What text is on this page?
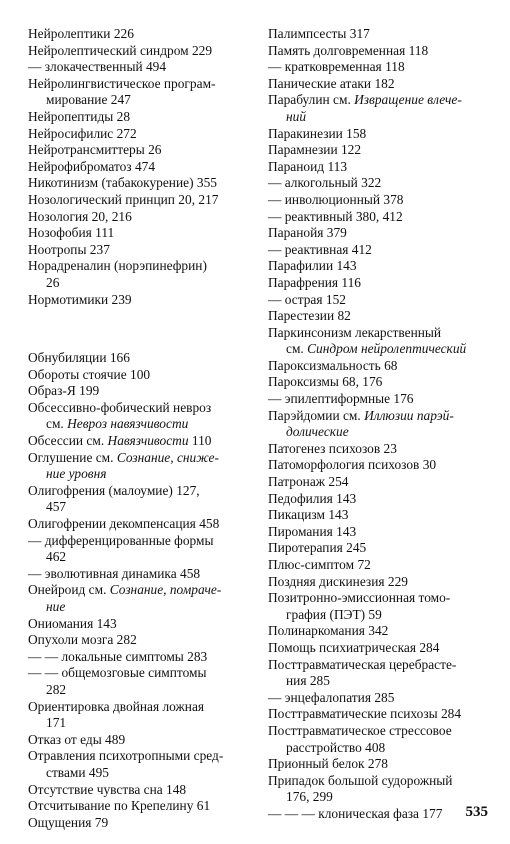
Нейролептики 226
Нейролептический синдром 229
— злокачественный 494
Нейролингвистическое програм-
мирование 247
Нейропептиды 28
Нейросифилис 272
Нейротрансмиттеры 26
Нейрофиброматоз 474
Никотинизм (табакокурение) 355
Нозологический принцип 20, 217
Нозология 20, 216
Нозофобия 111
Ноотропы 237
Норадреналин (норэпинефрин)
26
Нормотимики 239
Обнубиляции 166
Обороты стоячие 100
Образ-Я 199
Обсессивно-фобический невроз
см. Невроз навязчивости
Обсессии см. Навязчивости 110
Оглушение см. Сознание, сниже-
ние уровня
Олигофрения (малоумие) 127,
457
Олигофрении декомпенсация 458
— дифференцированные формы
462
— эволютивная динамика 458
Онейроид см. Сознание, помраче-
ние
Ониомания 143
Опухоли мозга 282
— — локальные симптомы 283
— — общемозговые симптомы
282
Ориентировка двойная ложная
171
Отказ от еды 489
Отравления психотропными сред-
ствами 495
Отсутствие чувства сна 148
Отсчитывание по Крепелину 61
Ощущения 79
Палимпсесты 317
Память долговременная 118
— кратковременная 118
Панические атаки 182
Парабулин см. Извращение влече-
ний
Паракинезии 158
Парамнезии 122
Параноид 113
— алкогольный 322
— инволюционный 378
— реактивный 380, 412
Паранойя 379
— реактивная 412
Парафилии 143
Парафрения 116
— острая 152
Парестезии 82
Паркинсонизм лекарственный
см. Синдром нейролептический
Пароксизмальность 68
Пароксизмы 68, 176
— эпилептиформные 176
Парэйдомии см. Иллюзии парэй-
долические
Патогенез психозов 23
Патоморфология психозов 30
Патронаж 254
Педофилия 143
Пикацизм 143
Пиромания 143
Пиротерапия 245
Плюс-симптом 72
Поздняя дискинезия 229
Позитронно-эмиссионная томо-
графия (ПЭТ) 59
Полинаркомания 342
Помощь психиатрическая 284
Посттравматическая церебрасте-
ния 285
— энцефалопатия 285
Посттравматические психозы 284
Посттравматическое стрессовое
расстройство 408
Прионный белок 278
Припадок большой судорожный
176, 299
— — — клоническая фаза 177	535
